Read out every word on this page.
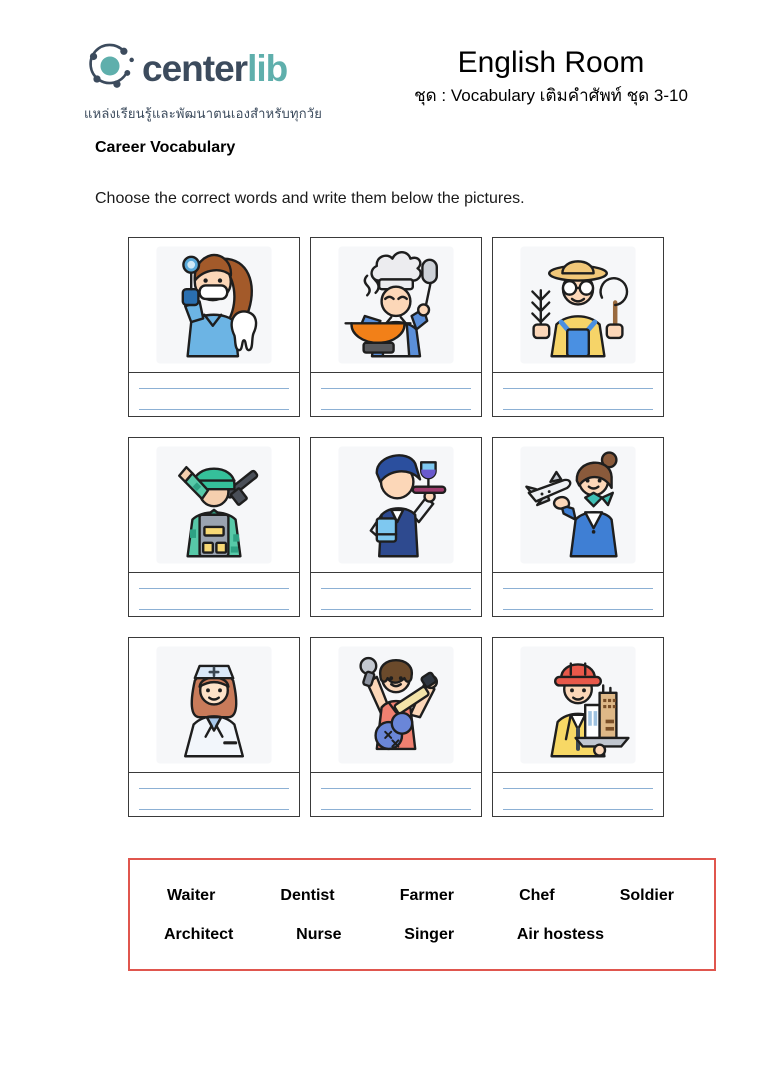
centerlib
แหล่งเรียนรู้และพัฒนาตนเองสำหรับทุกวัย
English Room
ชุด : Vocabulary เติมคำศัพท์ ชุด 3-10
Career Vocabulary
Choose the correct words and write them below the pictures.
Waiter	Dentist	Farmer	Chef	Soldier
Architect	Nurse	Singer	Air hostess
